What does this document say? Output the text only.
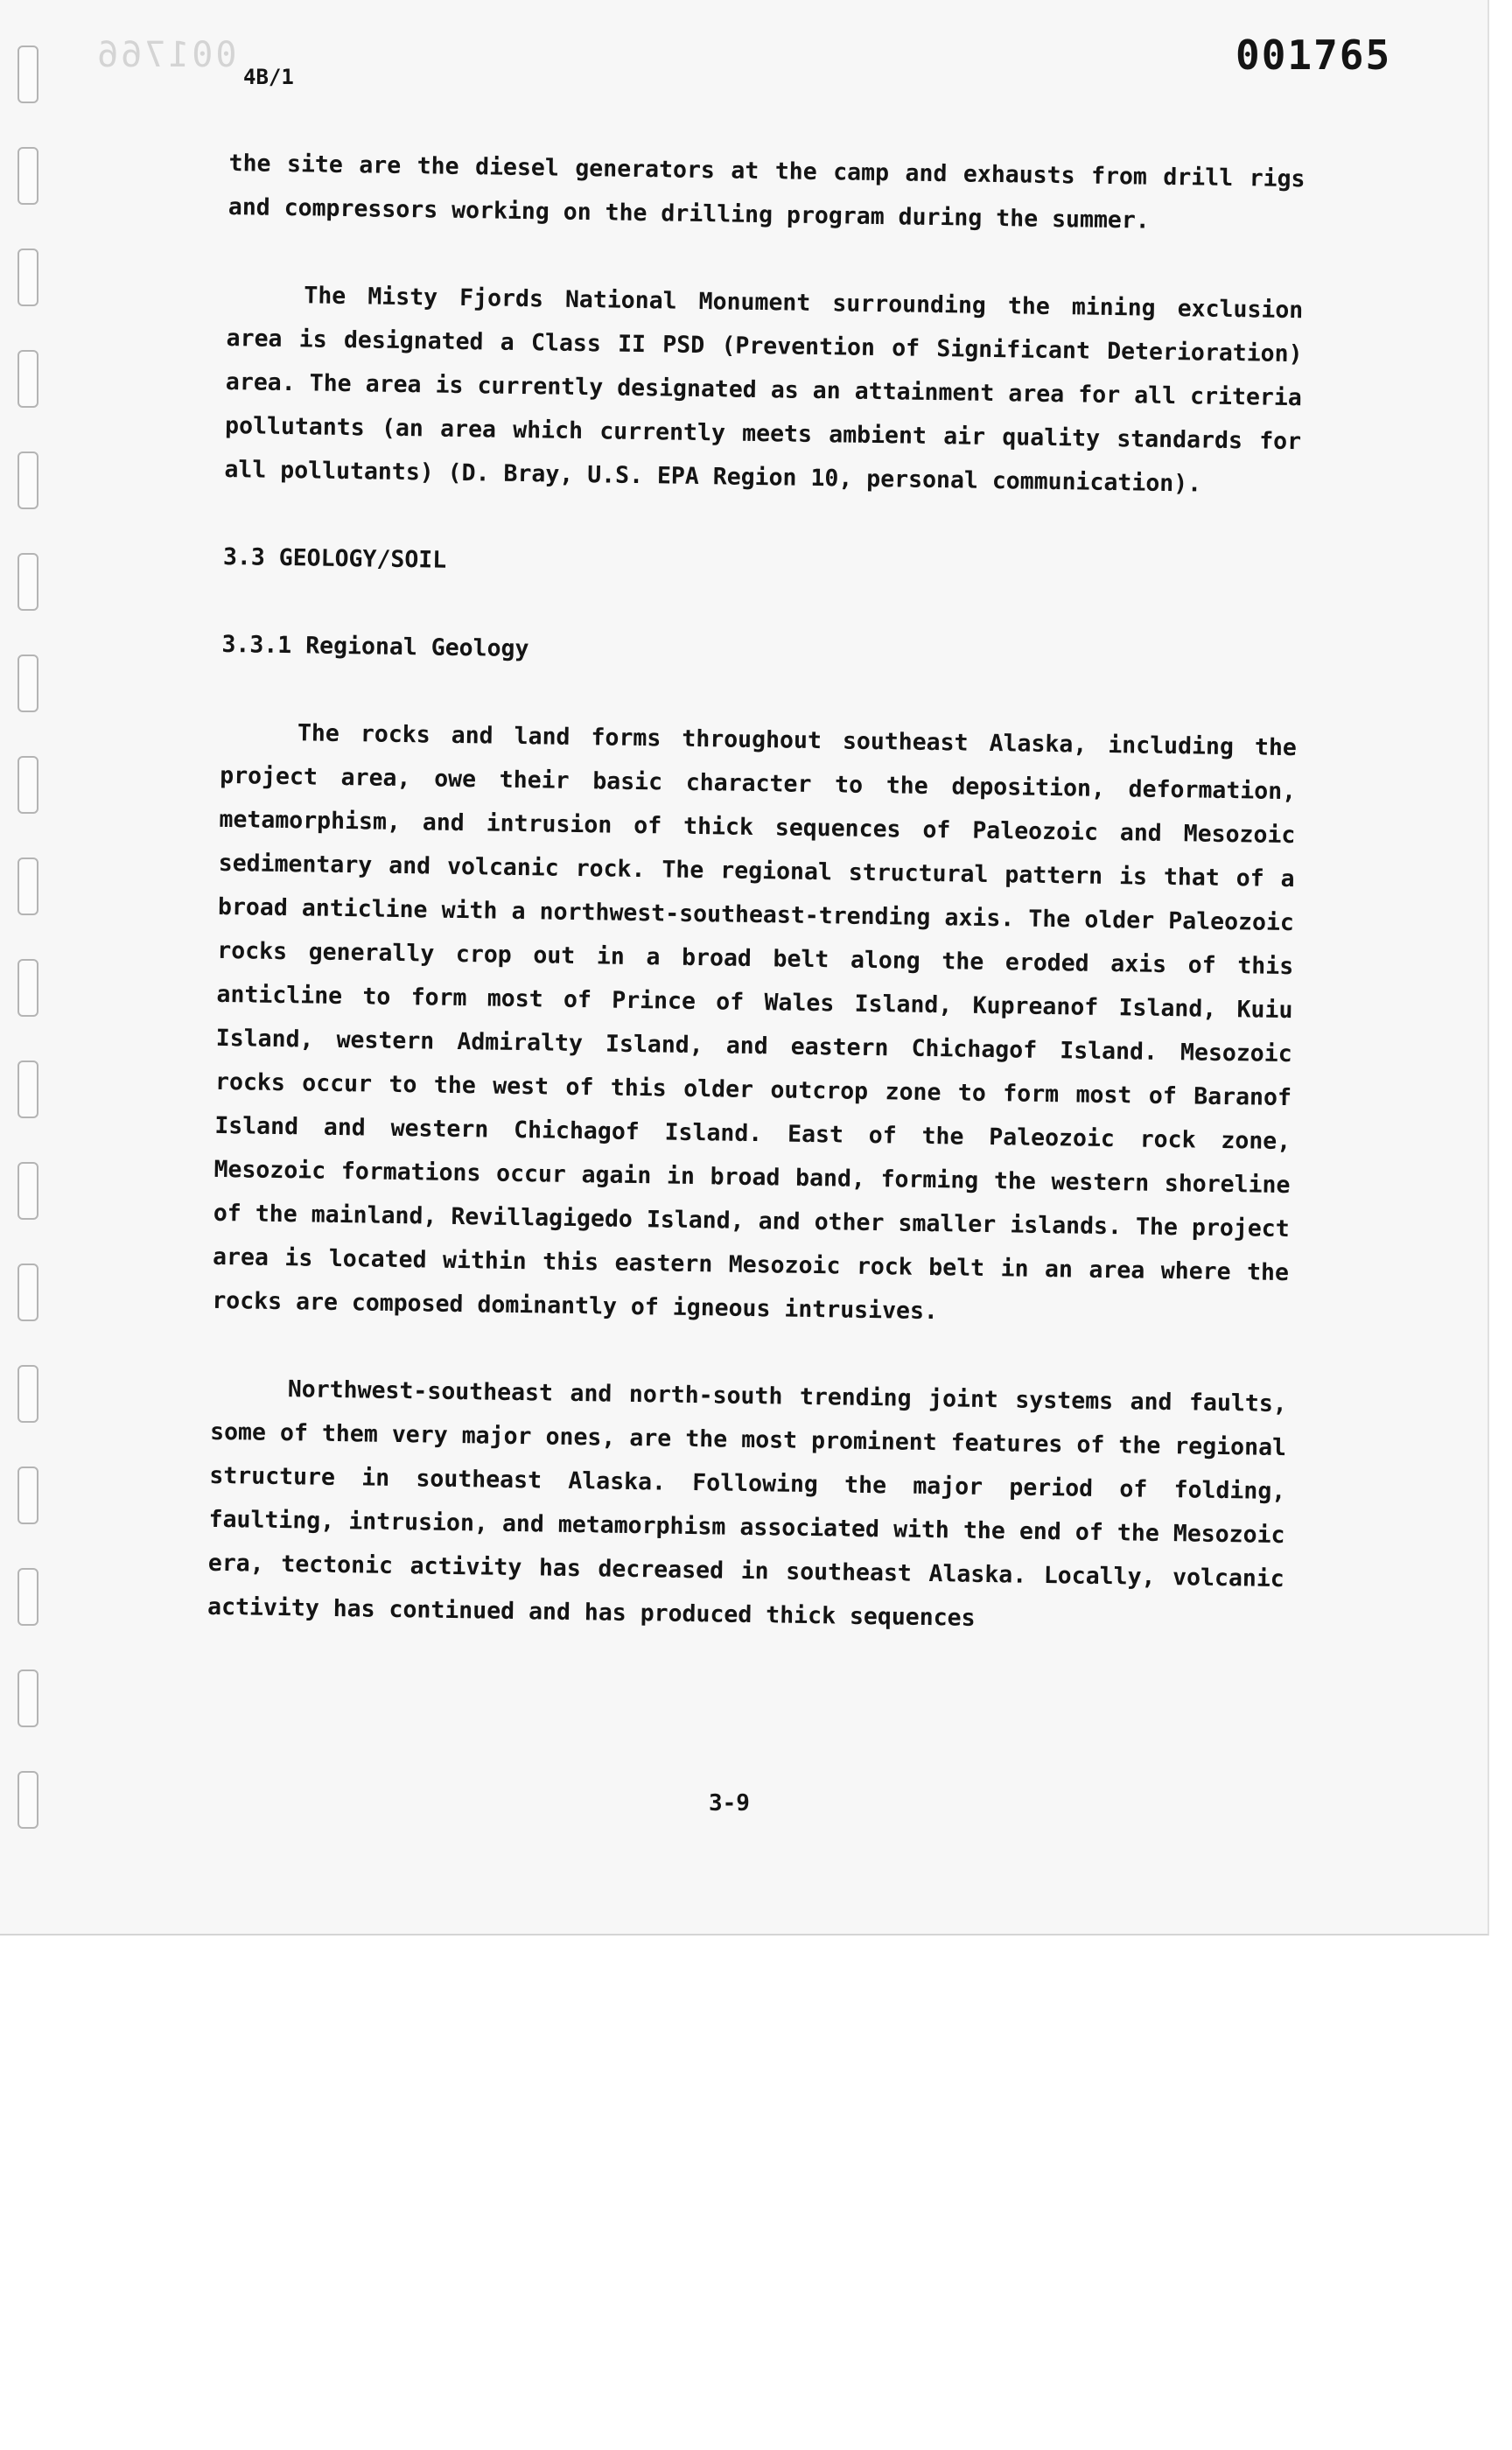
001766
4B/1	001765

the site are the diesel generators at the camp and exhausts from drill rigs and compressors working on the drilling program during the summer.

The Misty Fjords National Monument surrounding the mining exclusion area is designated a Class II PSD (Prevention of Significant Deterioration) area. The area is currently designated as an attainment area for all criteria pollutants (an area which currently meets ambient air quality standards for all pollutants) (D. Bray, U.S. EPA Region 10, personal communication).

3.3 GEOLOGY/SOIL
3.3.1 Regional Geology

The rocks and land forms throughout southeast Alaska, including the project area, owe their basic character to the deposition, deformation, metamorphism, and intrusion of thick sequences of Paleozoic and Mesozoic sedimentary and volcanic rock. The regional structural pattern is that of a broad anticline with a northwest-southeast-trending axis. The older Paleozoic rocks generally crop out in a broad belt along the eroded axis of this anticline to form most of Prince of Wales Island, Kupreanof Island, Kuiu Island, western Admiralty Island, and eastern Chichagof Island. Mesozoic rocks occur to the west of this older outcrop zone to form most of Baranof Island and western Chichagof Island. East of the Paleozoic rock zone, Mesozoic formations occur again in broad band, forming the western shoreline of the mainland, Revillagigedo Island, and other smaller islands. The project area is located within this eastern Mesozoic rock belt in an area where the rocks are composed dominantly of igneous intrusives.

Northwest-southeast and north-south trending joint systems and faults, some of them very major ones, are the most prominent features of the regional structure in southeast Alaska. Following the major period of folding, faulting, intrusion, and metamorphism associated with the end of the Mesozoic era, tectonic activity has decreased in southeast Alaska. Locally, volcanic activity has continued and has produced thick sequences

3-9
